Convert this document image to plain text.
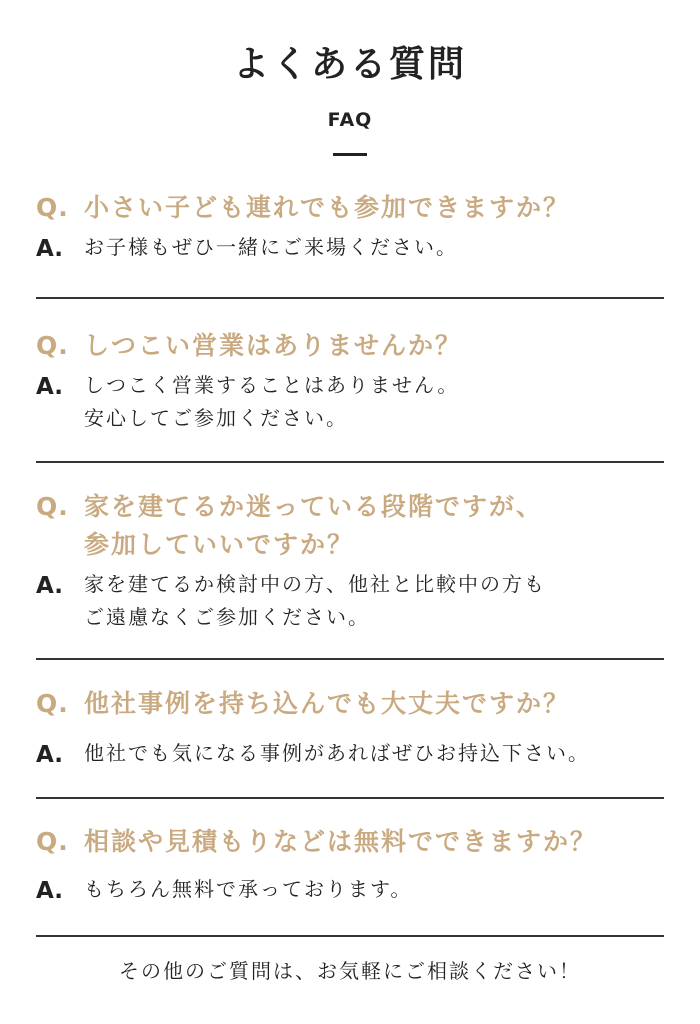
よくある質問
FAQ
Q. 小さい子ども連れでも参加できますか？
A.	お子様もぜひ一緒にご来場ください。
Q. しつこい営業はありませんか？
A.	しつこく営業することはありません。
安心してご参加ください。
Q. 家を建てるか迷っている段階ですが、
参加していいですか？
A.	家を建てるか検討中の方、他社と比較中の方も
ご遠慮なくご参加ください。
Q. 他社事例を持ち込んでも大丈夫ですか？
A.	他社でも気になる事例があればぜひお持込下さい。
Q. 相談や見積もりなどは無料でできますか？
A.	もちろん無料で承っております。
その他のご質問は、お気軽にご相談ください！
